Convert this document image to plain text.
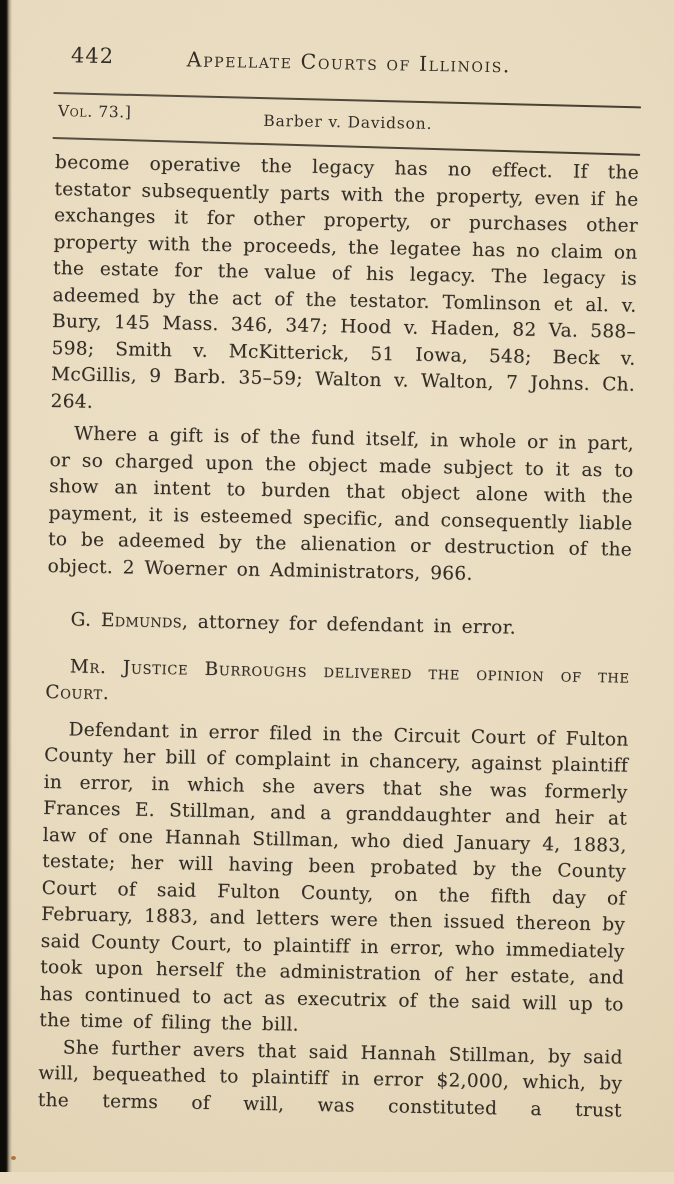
442	Appellate Courts of Illinois.
Vol. 73.]
Barber v. Davidson.

become operative the legacy has no effect. If the testator subsequently parts with the property, even if he exchanges it for other property, or purchases other property with the proceeds, the legatee has no claim on the estate for the value of his legacy. The legacy is adeemed by the act of the testator. Tomlinson et al. v. Bury, 145 Mass. 346, 347; Hood v. Haden, 82 Va. 588–598; Smith v. McKitterick, 51 Iowa, 548; Beck v. McGillis, 9 Barb. 35–59; Walton v. Walton, 7 Johns. Ch. 264.

Where a gift is of the fund itself, in whole or in part, or so charged upon the object made subject to it as to show an intent to burden that object alone with the payment, it is esteemed specific, and consequently liable to be adeemed by the alienation or destruction of the object. 2 Woerner on Administrators, 966.

G. Edmunds, attorney for defendant in error.

Mr. Justice Burroughs delivered the opinion of the Court.

Defendant in error filed in the Circuit Court of Fulton County her bill of complaint in chancery, against plaintiff in error, in which she avers that she was formerly Frances E. Stillman, and a granddaughter and heir at law of one Hannah Stillman, who died January 4, 1883, testate; her will having been probated by the County Court of said Fulton County, on the fifth day of February, 1883, and letters were then issued thereon by said County Court, to plaintiff in error, who immediately took upon herself the administration of her estate, and has continued to act as executrix of the said will up to the time of filing the bill.

She further avers that said Hannah Stillman, by said will, bequeathed to plaintiff in error $2,000, which, by the terms of will, was constituted a trust
